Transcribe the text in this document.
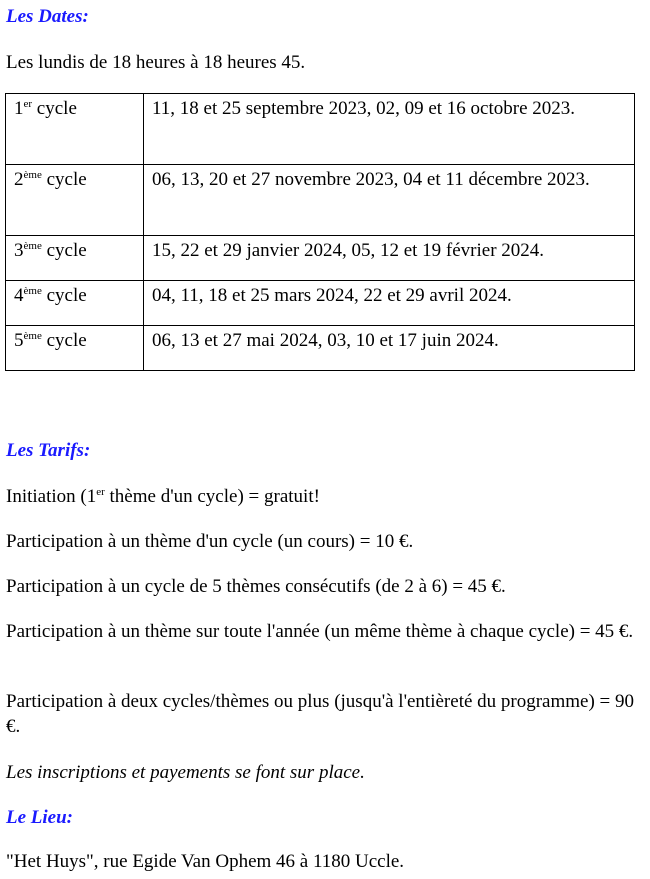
Les Dates:

Les lundis de 18 heures à 18 heures 45.

1er cycle	11, 18 et 25 septembre 2023, 02, 09 et 16 octobre 2023.
2ème cycle	06, 13, 20 et 27 novembre 2023, 04 et 11 décembre 2023.
3ème cycle	15, 22 et 29 janvier 2024, 05, 12 et 19 février 2024.
4ème cycle	04, 11, 18 et 25 mars 2024, 22 et 29 avril 2024.
5ème cycle	06, 13 et 27 mai 2024, 03, 10 et 17 juin 2024.
Les Tarifs:

Initiation (1er thème d'un cycle) = gratuit!

Participation à un thème d'un cycle (un cours) = 10 €.

Participation à un cycle de 5 thèmes consécutifs (de 2 à 6) = 45 €.

Participation à un thème sur toute l'année (un même thème à chaque cycle) = 45 €.

Participation à deux cycles/thèmes ou plus (jusqu'à l'entièreté du programme) = 90 €.

Les inscriptions et payements se font sur place.

Le Lieu:

"Het Huys", rue Egide Van Ophem 46 à 1180 Uccle.
